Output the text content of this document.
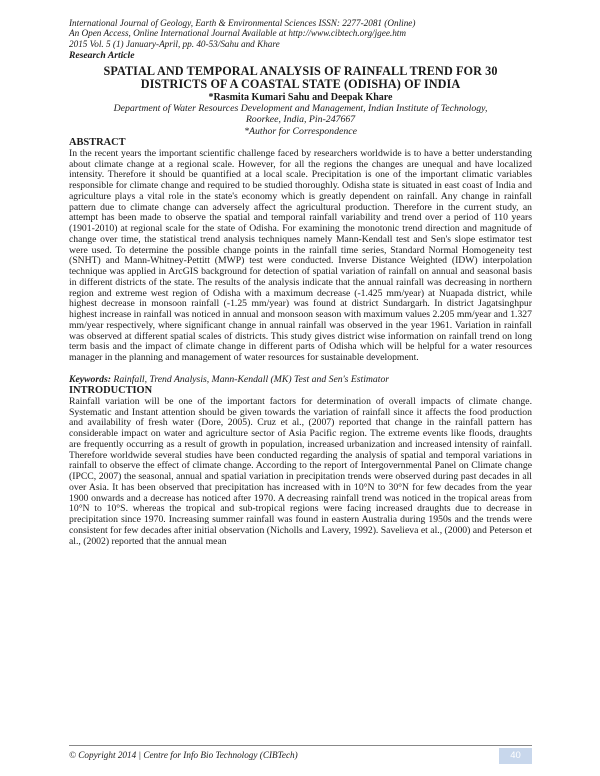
International Journal of Geology, Earth & Environmental Sciences ISSN: 2277-2081 (Online)
An Open Access, Online International Journal Available at http://www.cibtech.org/jgee.htm
2015 Vol. 5 (1) January-April, pp. 40-53/Sahu and Khare
Research Article
SPATIAL AND TEMPORAL ANALYSIS OF RAINFALL TREND FOR 30
DISTRICTS OF A COASTAL STATE (ODISHA) OF INDIA
*Rasmita Kumari Sahu and Deepak Khare
Department of Water Resources Development and Management, Indian Institute of Technology,
Roorkee, India, Pin-247667
*Author for Correspondence
ABSTRACT

In the recent years the important scientific challenge faced by researchers worldwide is to have a better understanding about climate change at a regional scale. However, for all the regions the changes are unequal and have localized intensity. Therefore it should be quantified at a local scale. Precipitation is one of the important climatic variables responsible for climate change and required to be studied thoroughly. Odisha state is situated in east coast of India and agriculture plays a vital role in the state's economy which is greatly dependent on rainfall. Any change in rainfall pattern due to climate change can adversely affect the agricultural production. Therefore in the current study, an attempt has been made to observe the spatial and temporal rainfall variability and trend over a period of 110 years (1901-2010) at regional scale for the state of Odisha. For examining the monotonic trend direction and magnitude of change over time, the statistical trend analysis techniques namely Mann-Kendall test and Sen's slope estimator test were used. To determine the possible change points in the rainfall time series, Standard Normal Homogeneity test (SNHT) and Mann-Whitney-Pettitt (MWP) test were conducted. Inverse Distance Weighted (IDW) interpolation technique was applied in ArcGIS background for detection of spatial variation of rainfall on annual and seasonal basis in different districts of the state. The results of the analysis indicate that the annual rainfall was decreasing in northern region and extreme west region of Odisha with a maximum decrease (-1.425 mm/year) at Nuapada district, while highest decrease in monsoon rainfall (-1.25 mm/year) was found at district Sundargarh. In district Jagatsinghpur highest increase in rainfall was noticed in annual and monsoon season with maximum values 2.205 mm/year and 1.327 mm/year respectively, where significant change in annual rainfall was observed in the year 1961. Variation in rainfall was observed at different spatial scales of districts. This study gives district wise information on rainfall trend on long term basis and the impact of climate change in different parts of Odisha which will be helpful for a water resources manager in the planning and management of water resources for sustainable development.

Keywords: Rainfall, Trend Analysis, Mann-Kendall (MK) Test and Sen's Estimator

INTRODUCTION

Rainfall variation will be one of the important factors for determination of overall impacts of climate change. Systematic and Instant attention should be given towards the variation of rainfall since it affects the food production and availability of fresh water (Dore, 2005). Cruz et al., (2007) reported that change in the rainfall pattern has considerable impact on water and agriculture sector of Asia Pacific region. The extreme events like floods, draughts are frequently occurring as a result of growth in population, increased urbanization and increased intensity of rainfall. Therefore worldwide several studies have been conducted regarding the analysis of spatial and temporal variations in rainfall to observe the effect of climate change. According to the report of Intergovernmental Panel on Climate change (IPCC, 2007) the seasonal, annual and spatial variation in precipitation trends were observed during past decades in all over Asia. It has been observed that precipitation has increased with in 10°N to 30°N for few decades from the year 1900 onwards and a decrease has noticed after 1970. A decreasing rainfall trend was noticed in the tropical areas from 10°N to 10°S. whereas the tropical and sub-tropical regions were facing increased draughts due to decrease in precipitation since 1970. Increasing summer rainfall was found in eastern Australia during 1950s and the trends were consistent for few decades after initial observation (Nicholls and Lavery, 1992). Savelieva et al., (2000) and Peterson et al., (2002) reported that the annual mean

© Copyright 2014 | Centre for Info Bio Technology (CIBTech)	40
